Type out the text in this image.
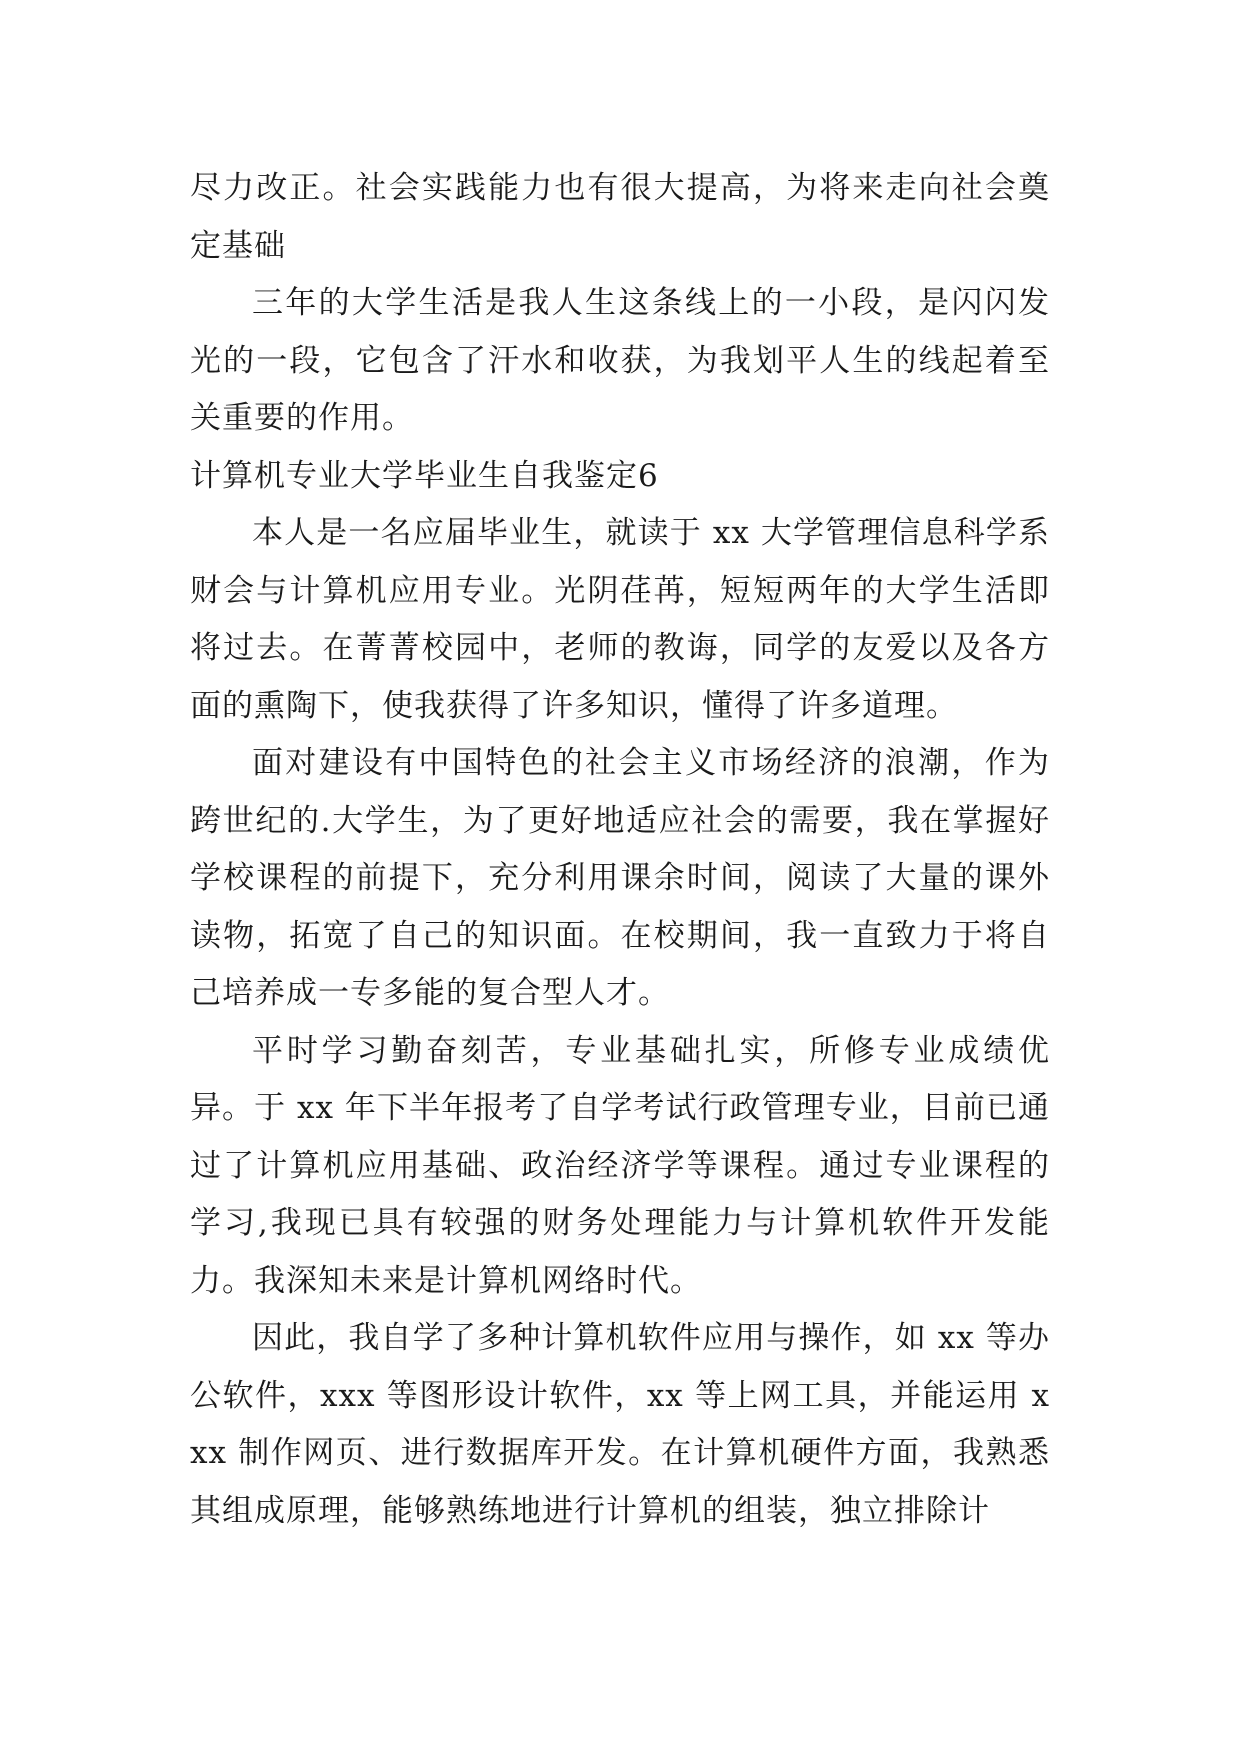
尽力改正。社会实践能力也有很大提高，为将来走向社会奠定基础

三年的大学生活是我人生这条线上的一小段，是闪闪发光的一段，它包含了汗水和收获，为我划平人生的线起着至关重要的作用。

计算机专业大学毕业生自我鉴定6

本人是一名应届毕业生，就读于 xx 大学管理信息科学系财会与计算机应用专业。光阴荏苒，短短两年的大学生活即将过去。在菁菁校园中，老师的教诲，同学的友爱以及各方面的熏陶下，使我获得了许多知识，懂得了许多道理。

面对建设有中国特色的社会主义市场经济的浪潮，作为跨世纪的.大学生，为了更好地适应社会的需要，我在掌握好学校课程的前提下，充分利用课余时间，阅读了大量的课外读物，拓宽了自己的知识面。在校期间，我一直致力于将自己培养成一专多能的复合型人才。

平时学习勤奋刻苦，专业基础扎实，所修专业成绩优异。于 xx 年下半年报考了自学考试行政管理专业，目前已通过了计算机应用基础、政治经济学等课程。通过专业课程的学习,我现已具有较强的财务处理能力与计算机软件开发能力。我深知未来是计算机网络时代。

因此，我自学了多种计算机软件应用与操作，如 xx 等办公软件，xxx 等图形设计软件，xx 等上网工具，并能运用 xxx 制作网页、进行数据库开发。在计算机硬件方面，我熟悉其组成原理，能够熟练地进行计算机的组装，独立排除计
